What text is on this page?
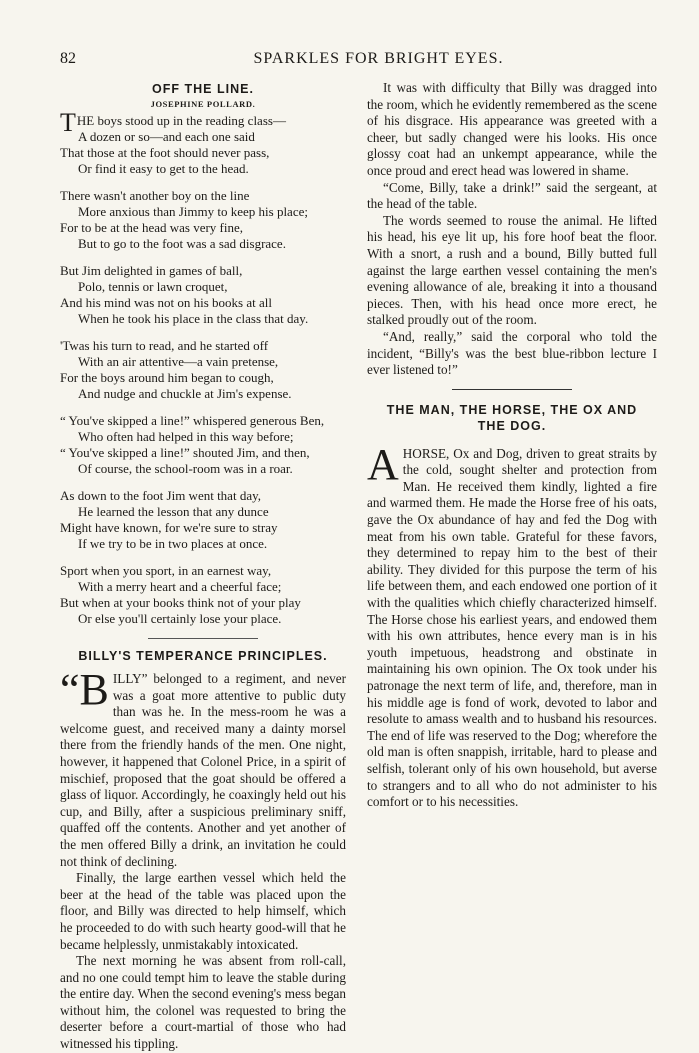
82	SPARKLES FOR BRIGHT EYES.
OFF THE LINE.
JOSEPHINE POLLARD.
T HE boys stood up in the reading class—
A dozen or so—and each one said
That those at the foot should never pass,
Or find it easy to get to the head.
There wasn't another boy on the line
More anxious than Jimmy to keep his place;
For to be at the head was very fine,
But to go to the foot was a sad disgrace.
But Jim delighted in games of ball,
Polo, tennis or lawn croquet,
And his mind was not on his books at all
When he took his place in the class that day.
'Twas his turn to read, and he started off
With an air attentive—a vain pretense,
For the boys around him began to cough,
And nudge and chuckle at Jim's expense.
“ You've skipped a line!” whispered generous Ben,
Who often had helped in this way before;
“ You've skipped a line!” shouted Jim, and then,
Of course, the school-room was in a roar.
As down to the foot Jim went that day,
He learned the lesson that any dunce
Might have known, for we're sure to stray
If we try to be in two places at once.
Sport when you sport, in an earnest way,
With a merry heart and a cheerful face;
But when at your books think not of your play
Or else you'll certainly lose your place.
BILLY'S TEMPERANCE PRINCIPLES.

“B ILLY” belonged to a regiment, and never was a goat more attentive to public duty than was he. In the mess-room he was a welcome guest, and received many a dainty morsel there from the friendly hands of the men. One night, however, it happened that Colonel Price, in a spirit of mischief, proposed that the goat should be offered a glass of liquor. Accordingly, he coaxingly held out his cup, and Billy, after a suspicious preliminary sniff, quaffed off the contents. Another and yet another of the men offered Billy a drink, an invitation he could not think of declining.

Finally, the large earthen vessel which held the beer at the head of the table was placed upon the floor, and Billy was directed to help himself, which he proceeded to do with such hearty good-will that he became helplessly, unmistakably intoxicated.

The next morning he was absent from roll-call, and no one could tempt him to leave the stable during the entire day. When the second evening's mess began without him, the colonel was requested to bring the deserter before a court-martial of those who had witnessed his tippling.

It was with difficulty that Billy was dragged into the room, which he evidently remembered as the scene of his disgrace. His appearance was greeted with a cheer, but sadly changed were his looks. His once glossy coat had an unkempt appearance, while the once proud and erect head was lowered in shame.

“Come, Billy, take a drink!” said the sergeant, at the head of the table.

The words seemed to rouse the animal. He lifted his head, his eye lit up, his fore hoof beat the floor. With a snort, a rush and a bound, Billy butted full against the large earthen vessel containing the men's evening allowance of ale, breaking it into a thousand pieces. Then, with his head once more erect, he stalked proudly out of the room.

“And, really,” said the corporal who told the incident, “Billy's was the best blue-ribbon lecture I ever listened to!”

THE MAN, THE HORSE, THE OX AND
THE DOG.

AHORSE, Ox and Dog, driven to great straits by the cold, sought shelter and protection from Man. He received them kindly, lighted a fire and warmed them. He made the Horse free of his oats, gave the Ox abundance of hay and fed the Dog with meat from his own table. Grateful for these favors, they determined to repay him to the best of their ability. They divided for this purpose the term of his life between them, and each endowed one portion of it with the qualities which chiefly characterized himself. The Horse chose his earliest years, and endowed them with his own attributes, hence every man is in his youth impetuous, headstrong and obstinate in maintaining his own opinion. The Ox took under his patronage the next term of life, and, therefore, man in his middle age is fond of work, devoted to labor and resolute to amass wealth and to husband his resources. The end of life was reserved to the Dog; wherefore the old man is often snappish, irritable, hard to please and selfish, tolerant only of his own household, but averse to strangers and to all who do not administer to his comfort or to his necessities.
